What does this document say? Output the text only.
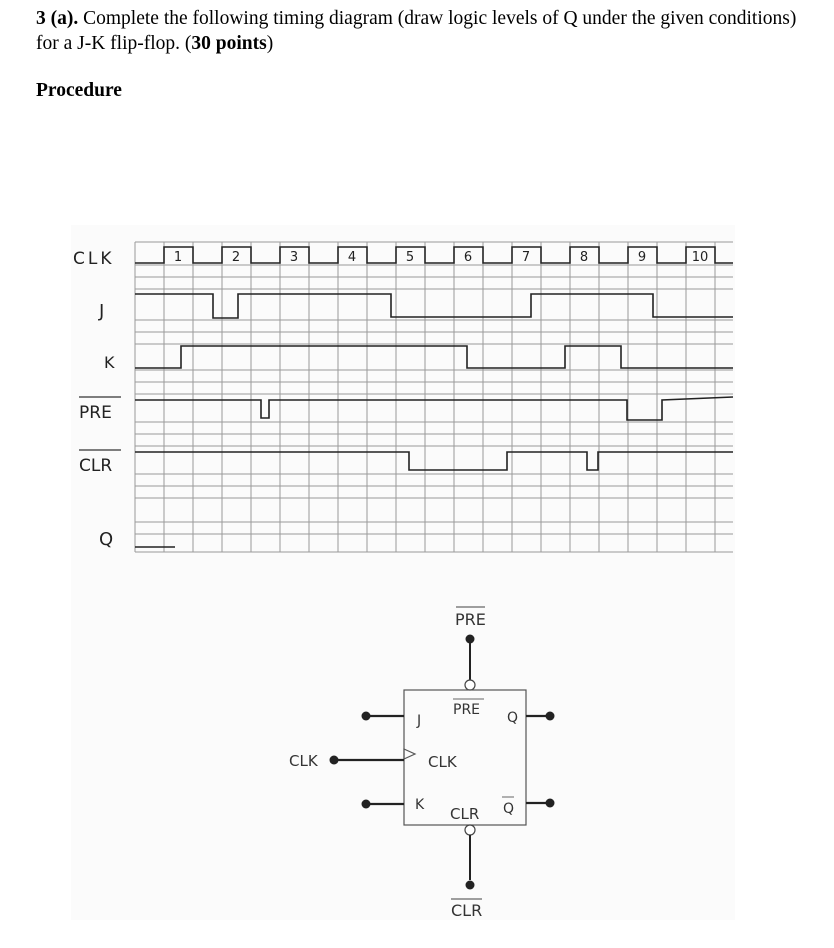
3 (a). Complete the following timing diagram (draw logic levels of Q under the given conditions) for a J-K flip-flop. (30 points)

Procedure

CLK
J
K
PRE
CLR
Q
1	2	3	4	5	6	7	8	9	10
PRE
J
PRE Q
CLK
K CLR Q
CLK
CLR
